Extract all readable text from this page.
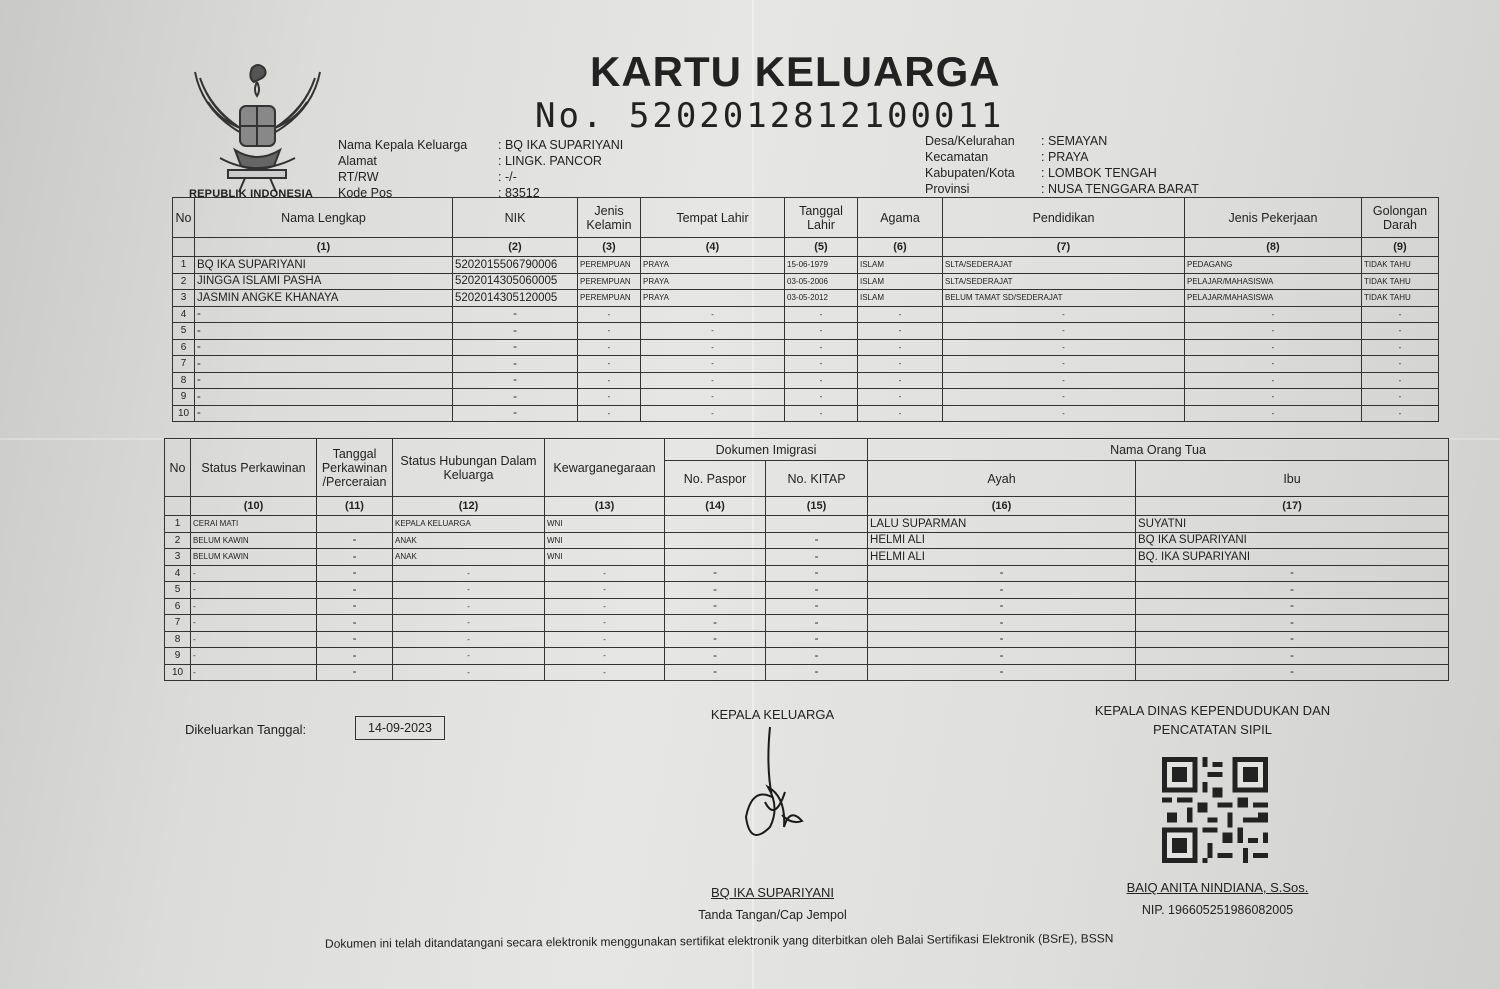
REPUBLIK INDONESIA
KARTU KELUARGA
No. 5202012812100011
Nama Kepala Keluarga	: BQ IKA SUPARIYANI
Alamat	: LINGK. PANCOR
RT/RW	: -/-
Kode Pos	: 83512
Desa/Kelurahan	: SEMAYAN
Kecamatan	: PRAYA
Kabupaten/Kota	: LOMBOK TENGAH
Provinsi	: NUSA TENGGARA BARAT
No	Nama Lengkap	NIK	Jenis Kelamin	Tempat Lahir	Tanggal Lahir	Agama	Pendidikan	Jenis Pekerjaan	Golongan Darah
	(1)	(2)	(3)	(4)	(5)	(6)	(7)	(8)	(9)
1	BQ IKA SUPARIYANI	5202015506790006	PEREMPUAN	PRAYA	15-06-1979	ISLAM	SLTA/SEDERAJAT	PEDAGANG	TIDAK TAHU
2	JINGGA ISLAMI PASHA	5202014305060005	PEREMPUAN	PRAYA	03-05-2006	ISLAM	SLTA/SEDERAJAT	PELAJAR/MAHASISWA	TIDAK TAHU
3	JASMIN ANGKE KHANAYA	5202014305120005	PEREMPUAN	PRAYA	03-05-2012	ISLAM	BELUM TAMAT SD/SEDERAJAT	PELAJAR/MAHASISWA	TIDAK TAHU
4	-	-	-	-	-	-	-	-	-
5	-	-	-	-	-	-	-	-	-
6	-	-	-	-	-	-	-	-	-
7	-	-	-	-	-	-	-	-	-
8	-	-	-	-	-	-	-	-	-
9	-	-	-	-	-	-	-	-	-
10	-	-	-	-	-	-	-	-	-
No	Status Perkawinan	Tanggal Perkawinan /Perceraian	Status Hubungan Dalam Keluarga	Kewarganegaraan	Dokumen Imigrasi		Nama Orang Tua	
					No. Paspor	No. KITAP	Ayah	Ibu
	(10)	(11)	(12)	(13)	(14)	(15)	(16)	(17)
1	CERAI MATI		KEPALA KELUARGA	WNI			LALU SUPARMAN	SUYATNI
2	BELUM KAWIN	-	ANAK	WNI		-	HELMI ALI	BQ IKA SUPARIYANI
3	BELUM KAWIN	-	ANAK	WNI		-	HELMI ALI	BQ. IKA SUPARIYANI
4	-	-	-	-	-	-	-	-
5	-	-	-	-	-	-	-	-
6	-	-	-	-	-	-	-	-
7	-	-	-	-	-	-	-	-
8	-	-	-	-	-	-	-	-
9	-	-	-	-	-	-	-	-
10	-	-	-	-	-	-	-	-
Dikeluarkan Tanggal:	14-09-2023
KEPALA KELUARGA
BQ IKA SUPARIYANI
Tanda Tangan/Cap Jempol
KEPALA DINAS KEPENDUDUKAN DAN
PENCATATAN SIPIL
BAIQ ANITA NINDIANA, S.Sos.
NIP. 196605251986082005
Dokumen ini telah ditandatangani secara elektronik menggunakan sertifikat elektronik yang diterbitkan oleh Balai Sertifikasi Elektronik (BSrE), BSSN
